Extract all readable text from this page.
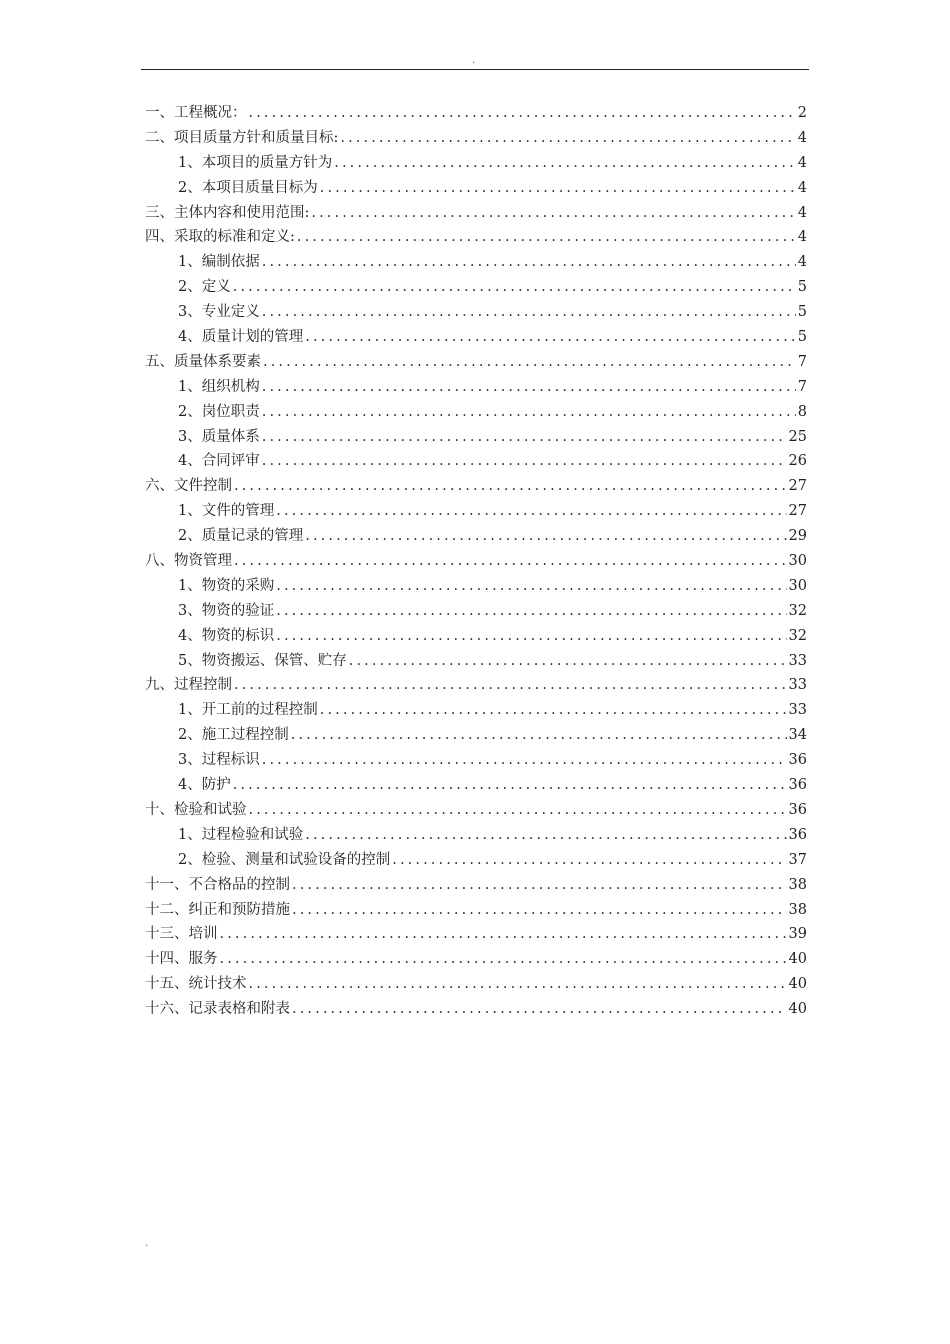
.
一、工程概况： .....	2
二、项目质量方针和质量目标: .....	4
1、本项目的质量方针为 .....	4
2、本项目质量目标为 .....	4
三、主体内容和使用范围: .....	4
四、采取的标准和定义: .....	4
1、编制依据 .....	4
2、定义 .....	5
3、专业定义 .....	5
4、质量计划的管理 .....	5
五、质量体系要素 .....	7
1、组织机构 .....	7
2、岗位职责 .....	8
3、质量体系 .....	25
4、合同评审 .....	26
六、文件控制 .....	27
1、文件的管理 .....	27
2、质量记录的管理 .....	29
八、物资管理 .....	30
1、物资的采购 .....	30
3、物资的验证 .....	32
4、物资的标识 .....	32
5、物资搬运、保管、贮存 .....	33
九、过程控制 .....	33
1、开工前的过程控制 .....	33
2、施工过程控制 .....	34
3、过程标识 .....	36
4、防护 .....	36
十、检验和试验 .....	36
1、过程检验和试验 .....	36
2、检验、测量和试验设备的控制 .....	37
十一、不合格品的控制 .....	38
十二、纠正和预防措施 .....	38
十三、培训 .....	39
十四、服务 .....	40
十五、统计技术 .....	40
十六、记录表格和附表 .....	40
.
